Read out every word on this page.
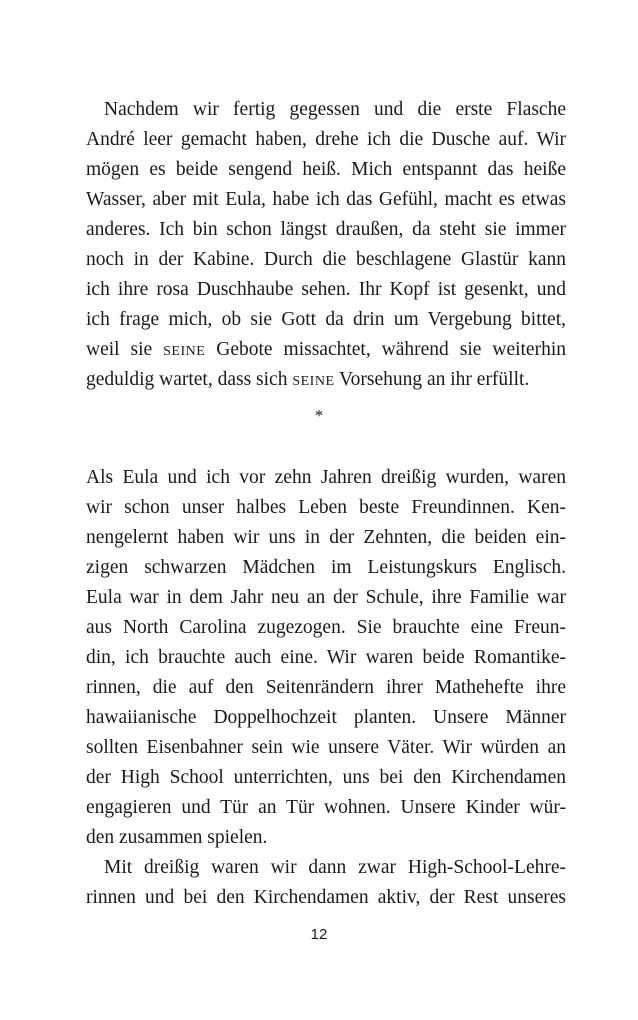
Nachdem wir fertig gegessen und die erste Flasche
André leer gemacht haben, drehe ich die Dusche auf. Wir
mögen es beide sengend heiß. Mich entspannt das heiße
Wasser, aber mit Eula, habe ich das Gefühl, macht es etwas
anderes. Ich bin schon längst draußen, da steht sie immer
noch in der Kabine. Durch die beschlagene Glastür kann
ich ihre rosa Duschhaube sehen. Ihr Kopf ist gesenkt, und
ich frage mich, ob sie Gott da drin um Vergebung bittet,
weil sie seine Gebote missachtet, während sie weiterhin
geduldig wartet, dass sich seine Vorsehung an ihr erfüllt.
*
Als Eula und ich vor zehn Jahren dreißig wurden, waren
wir schon unser halbes Leben beste Freundinnen. Ken-
nengelernt haben wir uns in der Zehnten, die beiden ein-
zigen schwarzen Mädchen im Leistungskurs Englisch.
Eula war in dem Jahr neu an der Schule, ihre Familie war
aus North Carolina zugezogen. Sie brauchte eine Freun-
din, ich brauchte auch eine. Wir waren beide Romantike-
rinnen, die auf den Seitenrändern ihrer Mathehefte ihre
hawaiianische Doppelhochzeit planten. Unsere Männer
sollten Eisenbahner sein wie unsere Väter. Wir würden an
der High School unterrichten, uns bei den Kirchendamen
engagieren und Tür an Tür wohnen. Unsere Kinder wür-
den zusammen spielen.
Mit dreißig waren wir dann zwar High-School-Lehre-
rinnen und bei den Kirchendamen aktiv, der Rest unseres
12
